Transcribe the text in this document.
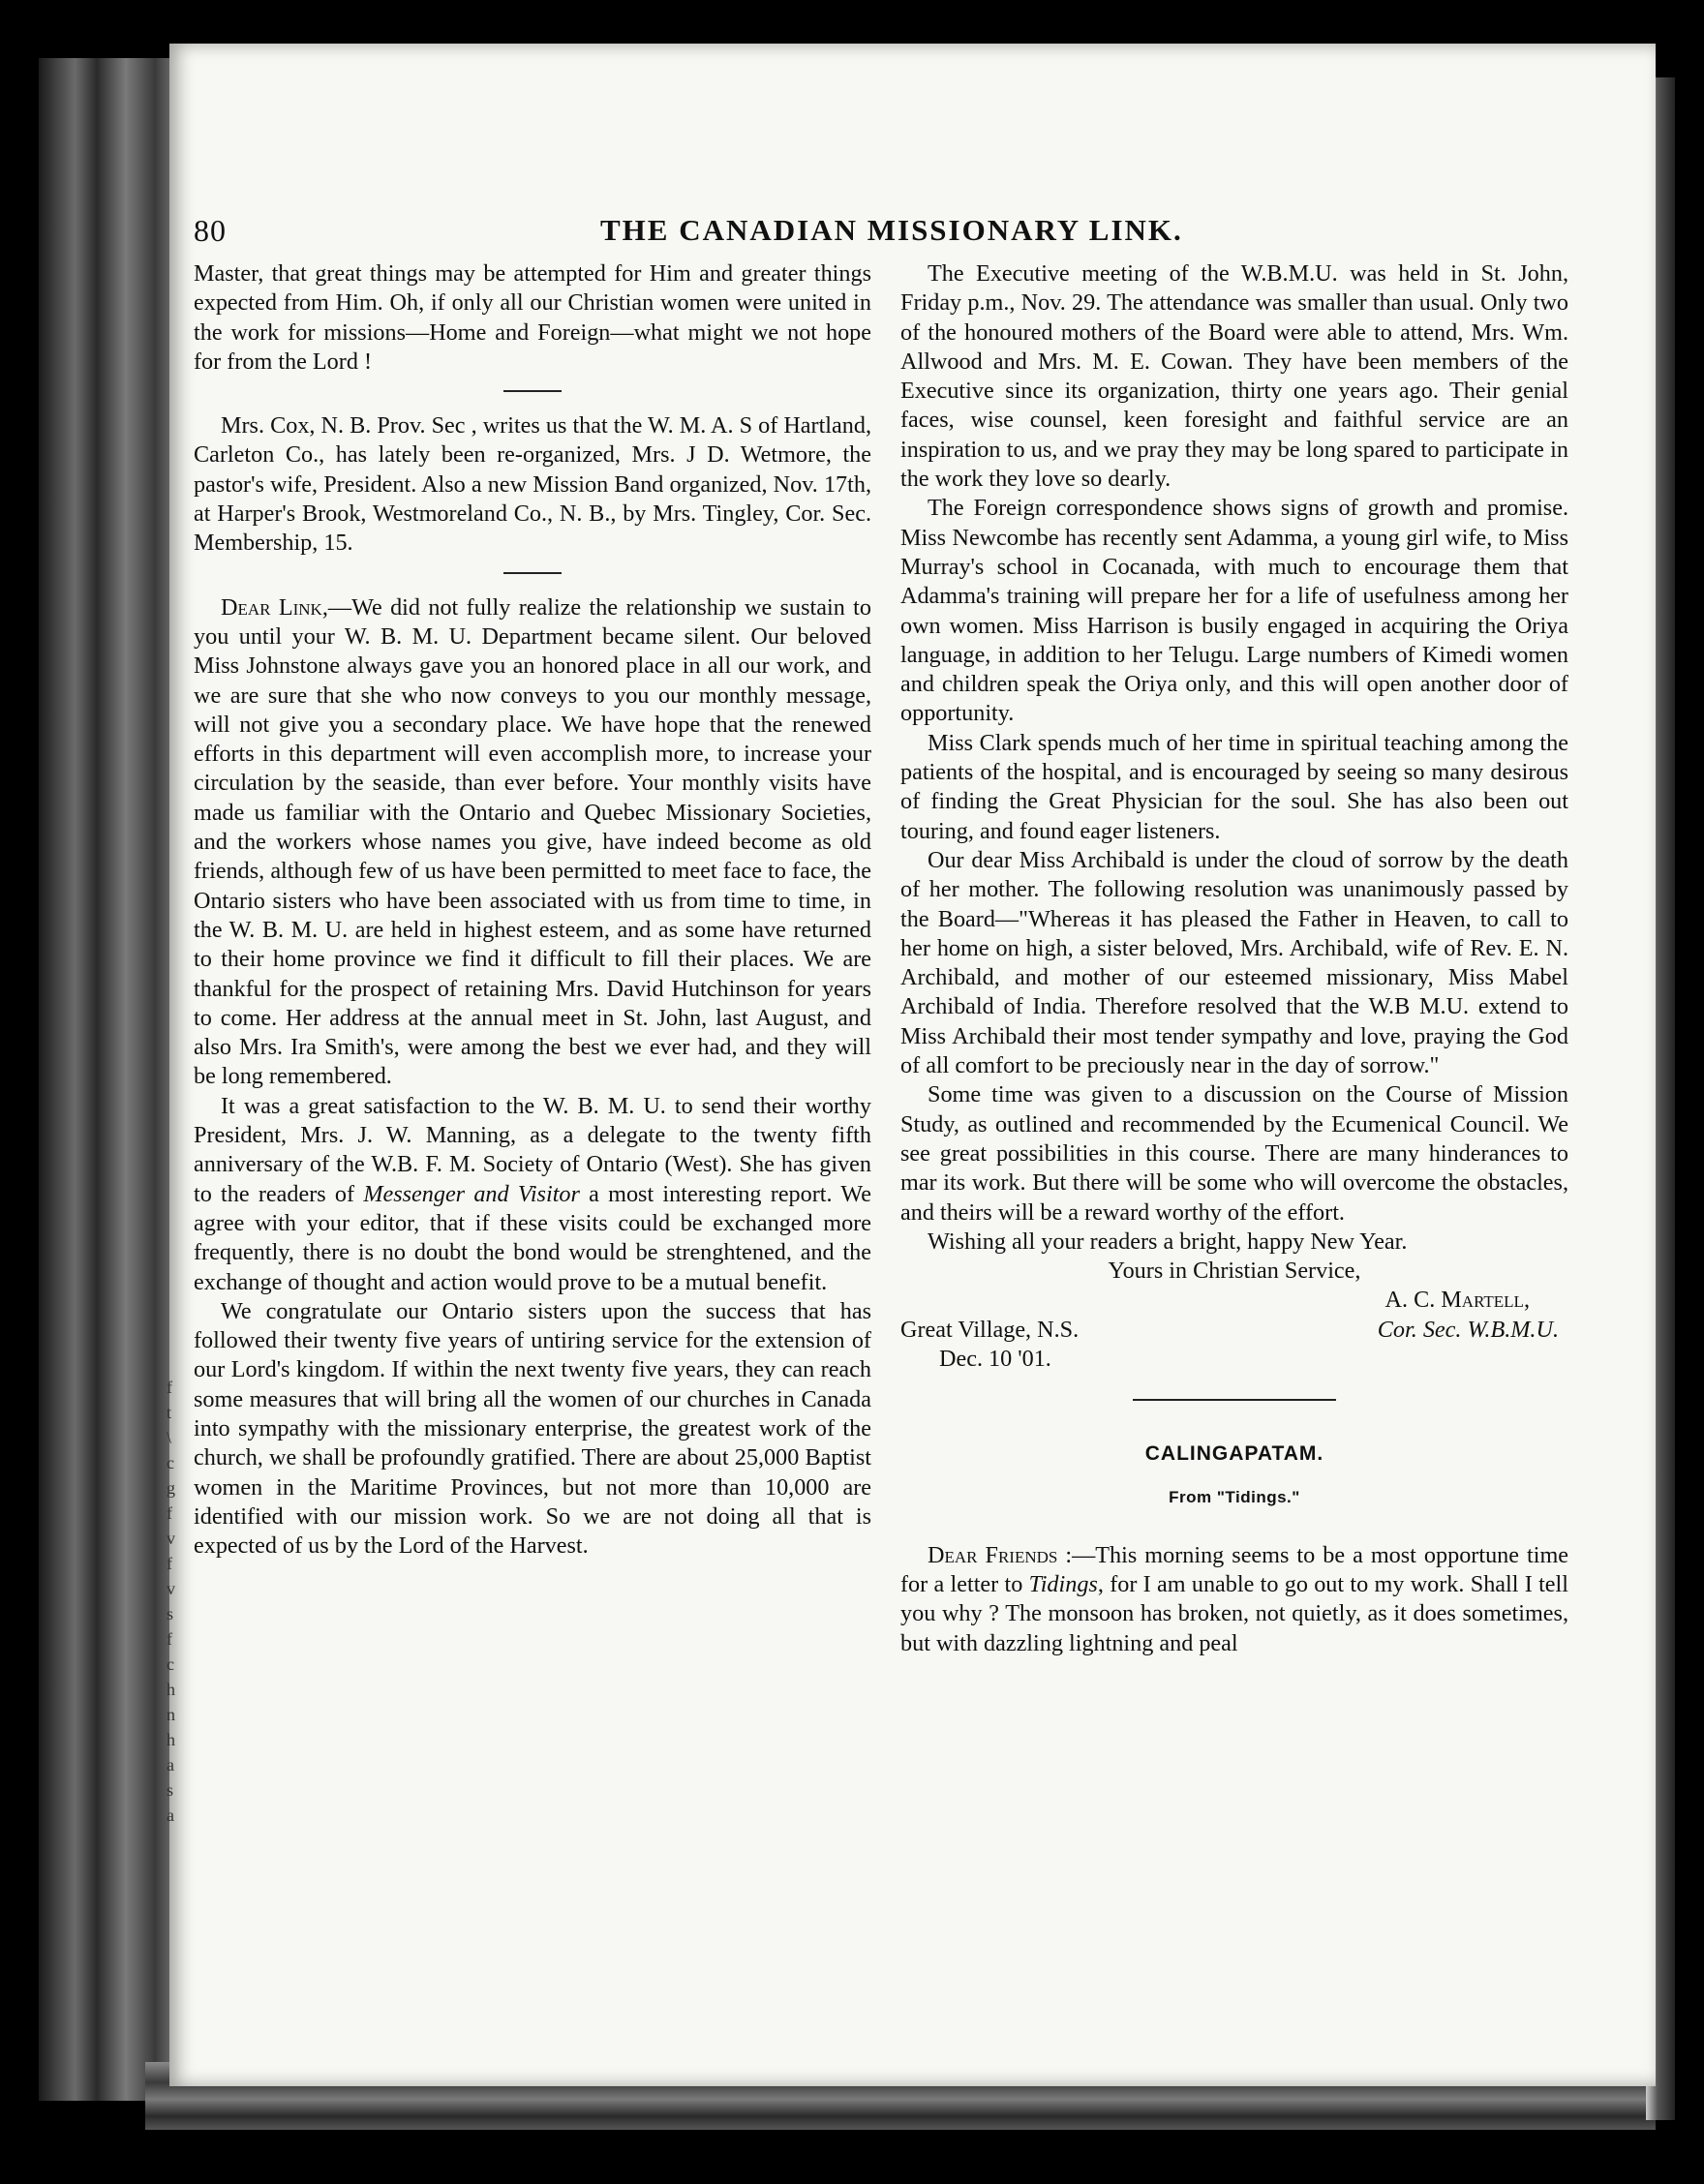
80	THE CANADIAN MISSIONARY LINK.
f
t
\
c
g
f
v
f
v
s
f
c
h
n
h
a
s
a

Master, that great things may be attempted for Him and greater things expected from Him. Oh, if only all our Christian women were united in the work for missions—Home and Foreign—what might we not hope for from the Lord !

Mrs. Cox, N. B. Prov. Sec , writes us that the W. M. A. S of Hartland, Carleton Co., has lately been re-organized, Mrs. J D. Wetmore, the pastor's wife, President. Also a new Mission Band organized, Nov. 17th, at Harper's Brook, Westmoreland Co., N. B., by Mrs. Tingley, Cor. Sec. Membership, 15.

Dear Link,—We did not fully realize the relationship we sustain to you until your W. B. M. U. Department became silent. Our beloved Miss Johnstone always gave you an honored place in all our work, and we are sure that she who now conveys to you our monthly message, will not give you a secondary place. We have hope that the renewed efforts in this department will even accomplish more, to increase your circulation by the seaside, than ever before. Your monthly visits have made us familiar with the Ontario and Quebec Missionary Societies, and the workers whose names you give, have indeed become as old friends, although few of us have been permitted to meet face to face, the Ontario sisters who have been associated with us from time to time, in the W. B. M. U. are held in highest esteem, and as some have returned to their home province we find it difficult to fill their places. We are thankful for the prospect of retaining Mrs. David Hutchinson for years to come. Her address at the annual meet in St. John, last August, and also Mrs. Ira Smith's, were among the best we ever had, and they will be long remembered.

It was a great satisfaction to the W. B. M. U. to send their worthy President, Mrs. J. W. Manning, as a delegate to the twenty fifth anniversary of the W.B. F. M. Society of Ontario (West). She has given to the readers of Messenger and Visitor a most interesting report. We agree with your editor, that if these visits could be exchanged more frequently, there is no doubt the bond would be strenghtened, and the exchange of thought and action would prove to be a mutual benefit.

We congratulate our Ontario sisters upon the success that has followed their twenty five years of untiring service for the extension of our Lord's kingdom. If within the next twenty five years, they can reach some measures that will bring all the women of our churches in Canada into sympathy with the missionary enterprise, the greatest work of the church, we shall be profoundly gratified. There are about 25,000 Baptist women in the Maritime Provinces, but not more than 10,000 are identified with our mission work. So we are not doing all that is expected of us by the Lord of the Harvest.

The Executive meeting of the W.B.M.U. was held in St. John, Friday p.m., Nov. 29. The attendance was smaller than usual. Only two of the honoured mothers of the Board were able to attend, Mrs. Wm. Allwood and Mrs. M. E. Cowan. They have been members of the Executive since its organization, thirty one years ago. Their genial faces, wise counsel, keen foresight and faithful service are an inspiration to us, and we pray they may be long spared to participate in the work they love so dearly.

The Foreign correspondence shows signs of growth and promise. Miss Newcombe has recently sent Adamma, a young girl wife, to Miss Murray's school in Cocanada, with much to encourage them that Adamma's training will prepare her for a life of usefulness among her own women. Miss Harrison is busily engaged in acquiring the Oriya language, in addition to her Telugu. Large numbers of Kimedi women and children speak the Oriya only, and this will open another door of opportunity.

Miss Clark spends much of her time in spiritual teaching among the patients of the hospital, and is encouraged by seeing so many desirous of finding the Great Physician for the soul. She has also been out touring, and found eager listeners.

Our dear Miss Archibald is under the cloud of sorrow by the death of her mother. The following resolution was unanimously passed by the Board—"Whereas it has pleased the Father in Heaven, to call to her home on high, a sister beloved, Mrs. Archibald, wife of Rev. E. N. Archibald, and mother of our esteemed missionary, Miss Mabel Archibald of India. Therefore resolved that the W.B M.U. extend to Miss Archibald their most tender sympathy and love, praying the God of all comfort to be preciously near in the day of sorrow."

Some time was given to a discussion on the Course of Mission Study, as outlined and recommended by the Ecumenical Council. We see great possibilities in this course. There are many hinderances to mar its work. But there will be some who will overcome the obstacles, and theirs will be a reward worthy of the effort.

Wishing all your readers a bright, happy New Year.
Yours in Christian Service,
A. C. Martell,
Great Village, N.S.	Cor. Sec. W.B.M.U.
Dec. 10 '01.
CALINGAPATAM.
From "Tidings."

Dear Friends :—This morning seems to be a most opportune time for a letter to Tidings, for I am unable to go out to my work. Shall I tell you why ? The monsoon has broken, not quietly, as it does sometimes, but with dazzling lightning and peal
